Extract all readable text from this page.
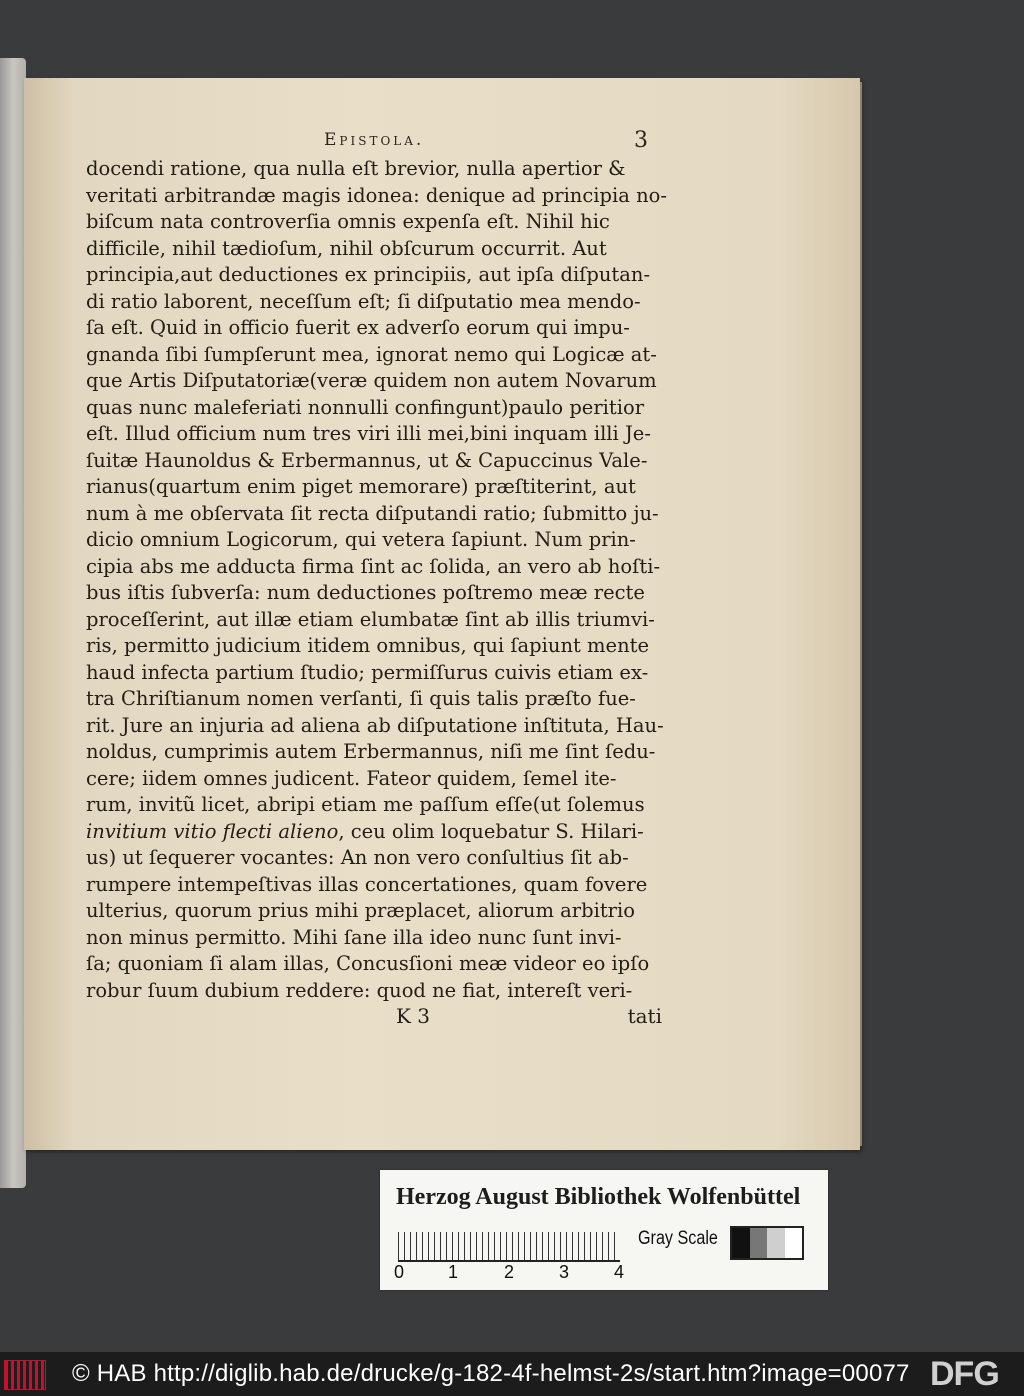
Epistola.	3
docendi ratione, qua nulla eſt brevior, nulla apertior &
veritati arbitrandæ magis idonea: denique ad principia no-
biſcum nata controverſia omnis expenſa eſt. Nihil hic
difficile, nihil tædioſum, nihil obſcurum occurrit. Aut
principia,aut deductiones ex principiis, aut ipſa diſputan-
di ratio laborent, neceſſum eſt; ſi diſputatio mea mendo-
ſa eſt. Quid in officio fuerit ex adverſo eorum qui impu-
gnanda ſibi ſumpſerunt mea, ignorat nemo qui Logicæ at-
que Artis Diſputatoriæ(veræ quidem non autem Novarum
quas nunc maleferiati nonnulli confingunt)paulo peritior
eſt. Illud officium num tres viri illi mei,bini inquam illi Je-
ſuitæ Haunoldus & Erbermannus, ut & Capuccinus Vale-
rianus(quartum enim piget memorare) præſtiterint, aut
num à me obſervata ſit recta diſputandi ratio; ſubmitto ju-
dicio omnium Logicorum, qui vetera ſapiunt. Num prin-
cipia abs me adducta firma ſint ac ſolida, an vero ab hoſti-
bus iſtis ſubverſa: num deductiones poſtremo meæ recte
proceſſerint, aut illæ etiam elumbatæ ſint ab illis triumvi-
ris, permitto judicium itidem omnibus, qui ſapiunt mente
haud infecta partium ſtudio; permiſſurus cuivis etiam ex-
tra Chriſtianum nomen verſanti, ſi quis talis præſto fue-
rit. Jure an injuria ad aliena ab diſputatione inſtituta, Hau-
noldus, cumprimis autem Erbermannus, niſi me ſint ſedu-
cere; iidem omnes judicent. Fateor quidem, ſemel ite-
rum, invitũ licet, abripi etiam me paſſum eſſe(ut ſolemus
invitium vitio flecti alieno, ceu olim loquebatur S. Hilari-
us) ut ſequerer vocantes: An non vero conſultius ſit ab-
rumpere intempeſtivas illas concertationes, quam fovere
ulterius, quorum prius mihi præplacet, aliorum arbitrio
non minus permitto. Mihi ſane illa ideo nunc ſunt invi-
ſa; quoniam ſi alam illas, Concusſioni meæ videor eo ipſo
robur ſuum dubium reddere: quod ne fiat, intereſt veri-
K 3	tati
Herzog August Bibliothek Wolfenbüttel
0 1	2 3 4
Gray Scale
© HAB http://diglib.hab.de/drucke/g-182-4f-helmst-2s/start.htm?image=00077 DFG
